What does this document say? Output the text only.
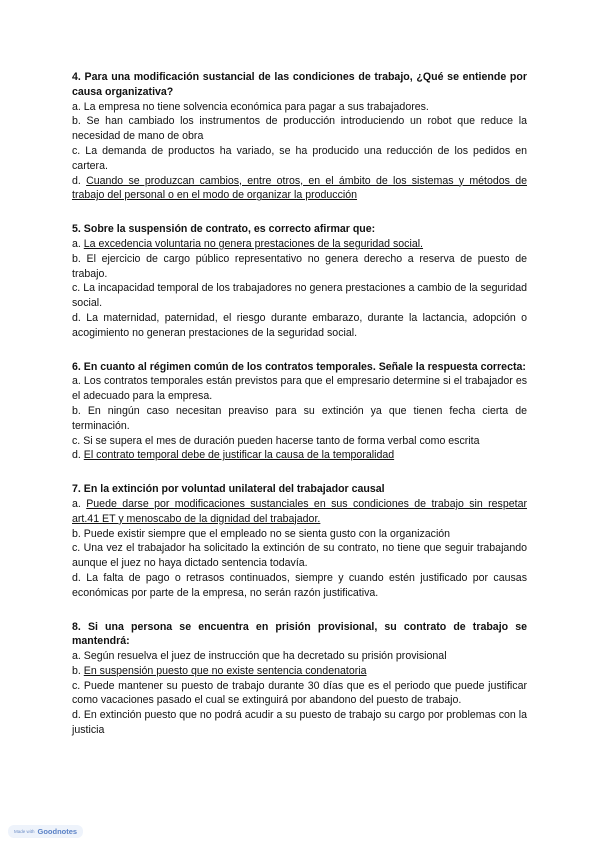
4. Para una modificación sustancial de las condiciones de trabajo, ¿Qué se entiende por causa organizativa?

a. La empresa no tiene solvencia económica para pagar a sus trabajadores.

b. Se han cambiado los instrumentos de producción introduciendo un robot que reduce la necesidad de mano de obra

c. La demanda de productos ha variado, se ha producido una reducción de los pedidos en cartera.

d. Cuando se produzcan cambios, entre otros, en el ámbito de los sistemas y métodos de trabajo del personal o en el modo de organizar la producción

5. Sobre la suspensión de contrato, es correcto afirmar que:

a. La excedencia voluntaria no genera prestaciones de la seguridad social.

b. El ejercicio de cargo público representativo no genera derecho a reserva de puesto de trabajo.

c. La incapacidad temporal de los trabajadores no genera prestaciones a cambio de la seguridad social.

d. La maternidad, paternidad, el riesgo durante embarazo, durante la lactancia, adopción o acogimiento no generan prestaciones de la seguridad social.

6. En cuanto al régimen común de los contratos temporales. Señale la respuesta correcta:

a. Los contratos temporales están previstos para que el empresario determine si el trabajador es el adecuado para la empresa.

b. En ningún caso necesitan preaviso para su extinción ya que tienen fecha cierta de terminación.

c. Si se supera el mes de duración pueden hacerse tanto de forma verbal como escrita

d. El contrato temporal debe de justificar la causa de la temporalidad

7. En la extinción por voluntad unilateral del trabajador causal

a. Puede darse por modificaciones sustanciales en sus condiciones de trabajo sin respetar art.41 ET y menoscabo de la dignidad del trabajador.

b. Puede existir siempre que el empleado no se sienta gusto con la organización

c. Una vez el trabajador ha solicitado la extinción de su contrato, no tiene que seguir trabajando aunque el juez no haya dictado sentencia todavía.

d. La falta de pago o retrasos continuados, siempre y cuando estén justificado por causas económicas por parte de la empresa, no serán razón justificativa.

8. Si una persona se encuentra en prisión provisional, su contrato de trabajo se mantendrá:

a. Según resuelva el juez de instrucción que ha decretado su prisión provisional

b. En suspensión puesto que no existe sentencia condenatoria

c. Puede mantener su puesto de trabajo durante 30 días que es el periodo que puede justificar como vacaciones pasado el cual se extinguirá por abandono del puesto de trabajo.

d. En extinción puesto que no podrá acudir a su puesto de trabajo su cargo por problemas con la justicia

Made with Goodnotes
